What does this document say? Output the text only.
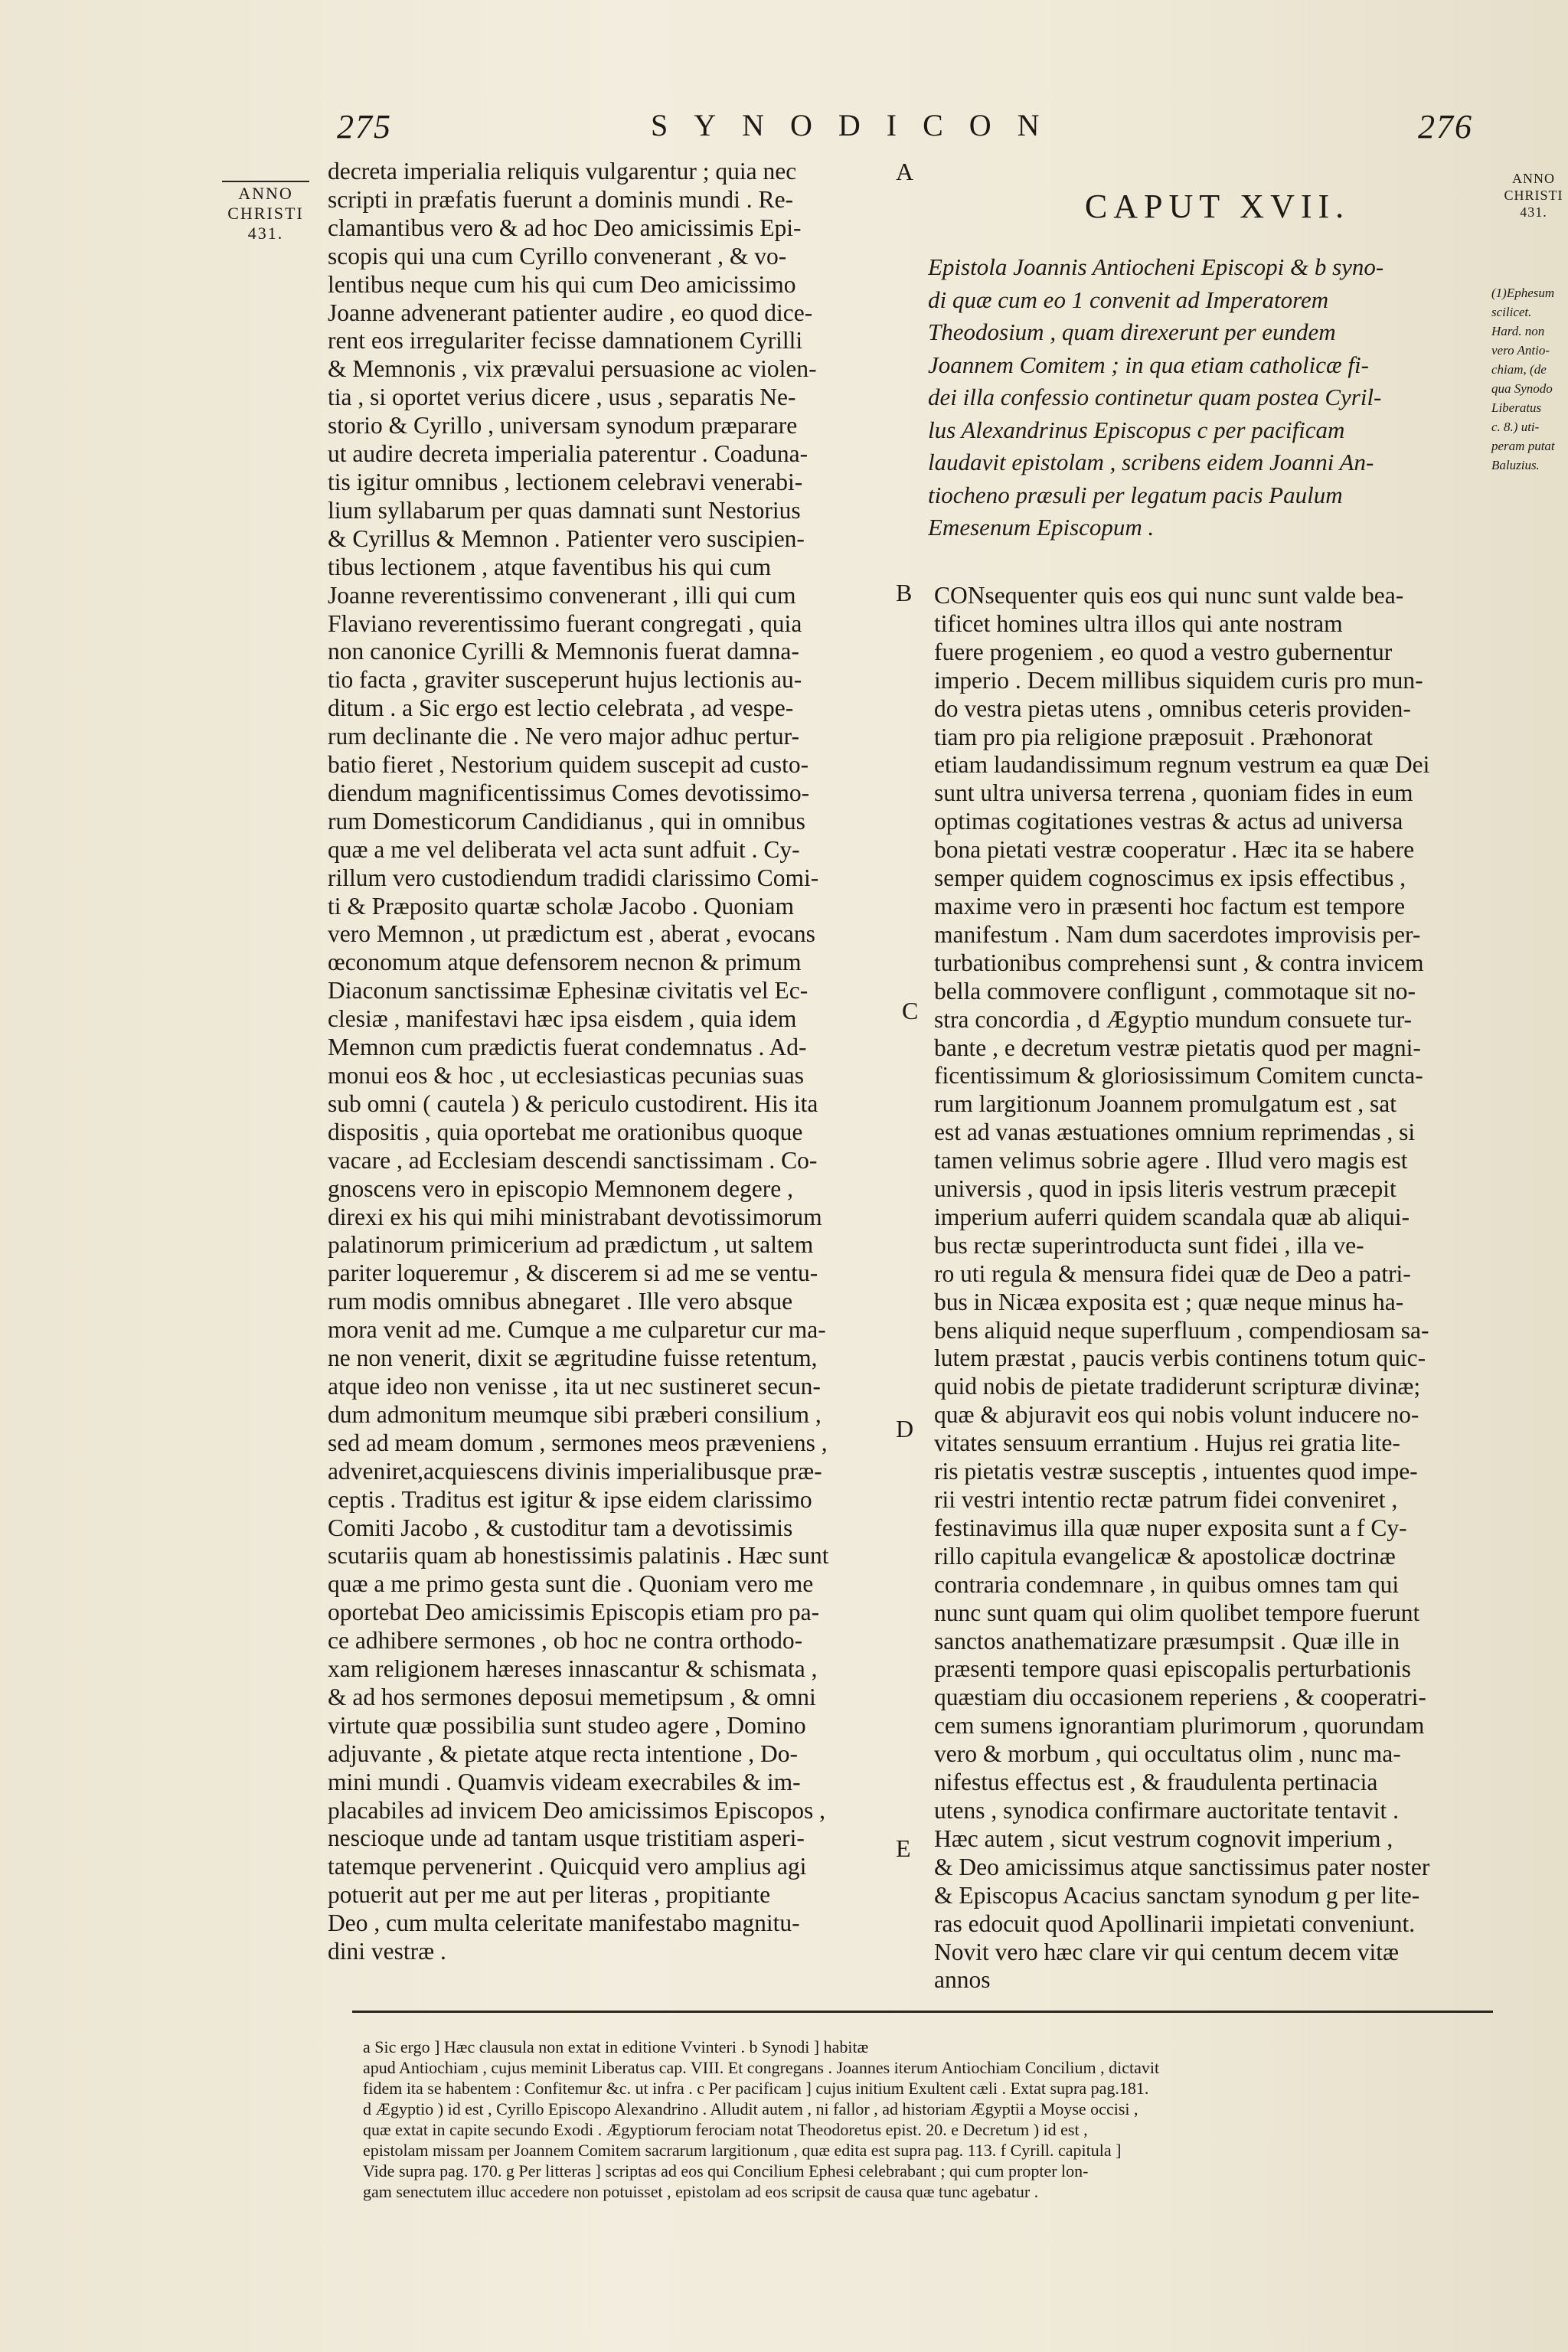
275	SYNODICON	276
ANNO
CHRISTI
431.
ANNO
CHRISTI
431.
(1)Ephesum
scilicet.
Hard. non
vero Antio-
chiam, (de
qua Synodo
Liberatus
c. 8.) uti-
peram putat
Baluzius.
A
B
C
D
E
decreta imperialia reliquis vulgarentur ; quia nec
scripti in præfatis fuerunt a dominis mundi . Re-
clamantibus vero & ad hoc Deo amicissimis Epi-
scopis qui una cum Cyrillo convenerant , & vo-
lentibus neque cum his qui cum Deo amicissimo
Joanne advenerant patienter audire , eo quod dice-
rent eos irregulariter fecisse damnationem Cyrilli
& Memnonis , vix prævalui persuasione ac violen-
tia , si oportet verius dicere , usus , separatis Ne-
storio & Cyrillo , universam synodum præparare
ut audire decreta imperialia paterentur . Coaduna-
tis igitur omnibus , lectionem celebravi venerabi-
lium syllabarum per quas damnati sunt Nestorius
& Cyrillus & Memnon . Patienter vero suscipien-
tibus lectionem , atque faventibus his qui cum
Joanne reverentissimo convenerant , illi qui cum
Flaviano reverentissimo fuerant congregati , quia
non canonice Cyrilli & Memnonis fuerat damna-
tio facta , graviter susceperunt hujus lectionis au-
ditum . a Sic ergo est lectio celebrata , ad vespe-
rum declinante die . Ne vero major adhuc pertur-
batio fieret , Nestorium quidem suscepit ad custo-
diendum magnificentissimus Comes devotissimo-
rum Domesticorum Candidianus , qui in omnibus
quæ a me vel deliberata vel acta sunt adfuit . Cy-
rillum vero custodiendum tradidi clarissimo Comi-
ti & Præposito quartæ scholæ Jacobo . Quoniam
vero Memnon , ut prædictum est , aberat , evocans
œconomum atque defensorem necnon & primum
Diaconum sanctissimæ Ephesinæ civitatis vel Ec-
clesiæ , manifestavi hæc ipsa eisdem , quia idem
Memnon cum prædictis fuerat condemnatus . Ad-
monui eos & hoc , ut ecclesiasticas pecunias suas
sub omni ( cautela ) & periculo custodirent. His ita
dispositis , quia oportebat me orationibus quoque
vacare , ad Ecclesiam descendi sanctissimam . Co-
gnoscens vero in episcopio Memnonem degere ,
direxi ex his qui mihi ministrabant devotissimorum
palatinorum primicerium ad prædictum , ut saltem
pariter loqueremur , & discerem si ad me se ventu-
rum modis omnibus abnegaret . Ille vero absque
mora venit ad me. Cumque a me culparetur cur ma-
ne non venerit, dixit se ægritudine fuisse retentum,
atque ideo non venisse , ita ut nec sustineret secun-
dum admonitum meumque sibi præberi consilium ,
sed ad meam domum , sermones meos præveniens ,
adveniret,acquiescens divinis imperialibusque præ-
ceptis . Traditus est igitur & ipse eidem clarissimo
Comiti Jacobo , & custoditur tam a devotissimis
scutariis quam ab honestissimis palatinis . Hæc sunt
quæ a me primo gesta sunt die . Quoniam vero me
oportebat Deo amicissimis Episcopis etiam pro pa-
ce adhibere sermones , ob hoc ne contra orthodo-
xam religionem hæreses innascantur & schismata ,
& ad hos sermones deposui memetipsum , & omni
virtute quæ possibilia sunt studeo agere , Domino
adjuvante , & pietate atque recta intentione , Do-
mini mundi . Quamvis videam execrabiles & im-
placabiles ad invicem Deo amicissimos Episcopos ,
nescioque unde ad tantam usque tristitiam asperi-
tatemque pervenerint . Quicquid vero amplius agi
potuerit aut per me aut per literas , propitiante
Deo , cum multa celeritate manifestabo magnitu-
dini vestræ .
CAPUT XVII.
Epistola Joannis Antiocheni Episcopi & b syno-
di quæ cum eo 1 convenit ad Imperatorem
Theodosium , quam direxerunt per eundem
Joannem Comitem ; in qua etiam catholicæ fi-
dei illa confessio continetur quam postea Cyril-
lus Alexandrinus Episcopus c per pacificam
laudavit epistolam , scribens eidem Joanni An-
tiocheno præsuli per legatum pacis Paulum
Emesenum Episcopum .
CONsequenter quis eos qui nunc sunt valde bea-
tificet homines ultra illos qui ante nostram
fuere progeniem , eo quod a vestro gubernentur
imperio . Decem millibus siquidem curis pro mun-
do vestra pietas utens , omnibus ceteris providen-
tiam pro pia religione præposuit . Præhonorat
etiam laudandissimum regnum vestrum ea quæ Dei
sunt ultra universa terrena , quoniam fides in eum
optimas cogitationes vestras & actus ad universa
bona pietati vestræ cooperatur . Hæc ita se habere
semper quidem cognoscimus ex ipsis effectibus ,
maxime vero in præsenti hoc factum est tempore
manifestum . Nam dum sacerdotes improvisis per-
turbationibus comprehensi sunt , & contra invicem
bella commovere confligunt , commotaque sit no-
stra concordia , d Ægyptio mundum consuete tur-
bante , e decretum vestræ pietatis quod per magni-
ficentissimum & gloriosissimum Comitem cuncta-
rum largitionum Joannem promulgatum est , sat
est ad vanas æstuationes omnium reprimendas , si
tamen velimus sobrie agere . Illud vero magis est
universis , quod in ipsis literis vestrum præcepit
imperium auferri quidem scandala quæ ab aliqui-
bus rectæ superintroducta sunt fidei , illa ve-
ro uti regula & mensura fidei quæ de Deo a patri-
bus in Nicæa exposita est ; quæ neque minus ha-
bens aliquid neque superfluum , compendiosam sa-
lutem præstat , paucis verbis continens totum quic-
quid nobis de pietate tradiderunt scripturæ divinæ;
quæ & abjuravit eos qui nobis volunt inducere no-
vitates sensuum errantium . Hujus rei gratia lite-
ris pietatis vestræ susceptis , intuentes quod impe-
rii vestri intentio rectæ patrum fidei conveniret ,
festinavimus illa quæ nuper exposita sunt a f Cy-
rillo capitula evangelicæ & apostolicæ doctrinæ
contraria condemnare , in quibus omnes tam qui
nunc sunt quam qui olim quolibet tempore fuerunt
sanctos anathematizare præsumpsit . Quæ ille in
præsenti tempore quasi episcopalis perturbationis
quæstiam diu occasionem reperiens , & cooperatri-
cem sumens ignorantiam plurimorum , quorundam
vero & morbum , qui occultatus olim , nunc ma-
nifestus effectus est , & fraudulenta pertinacia
utens , synodica confirmare auctoritate tentavit .
Hæc autem , sicut vestrum cognovit imperium ,
& Deo amicissimus atque sanctissimus pater noster
& Episcopus Acacius sanctam synodum g per lite-
ras edocuit quod Apollinarii impietati conveniunt.
Novit vero hæc clare vir qui centum decem vitæ
annos
a Sic ergo ] Hæc clausula non extat in editione Vvinteri . b Synodi ] habitæ
apud Antiochiam , cujus meminit Liberatus cap. VIII. Et congregans . Joannes iterum Antiochiam Concilium , dictavit
fidem ita se habentem : Confitemur &c. ut infra . c Per pacificam ] cujus initium Exultent cæli . Extat supra pag.181.
d Ægyptio ) id est , Cyrillo Episcopo Alexandrino . Alludit autem , ni fallor , ad historiam Ægyptii a Moyse occisi ,
quæ extat in capite secundo Exodi . Ægyptiorum ferociam notat Theodoretus epist. 20. e Decretum ) id est ,
epistolam missam per Joannem Comitem sacrarum largitionum , quæ edita est supra pag. 113. f Cyrill. capitula ]
Vide supra pag. 170. g Per litteras ] scriptas ad eos qui Concilium Ephesi celebrabant ; qui cum propter lon-
gam senectutem illuc accedere non potuisset , epistolam ad eos scripsit de causa quæ tunc agebatur .
